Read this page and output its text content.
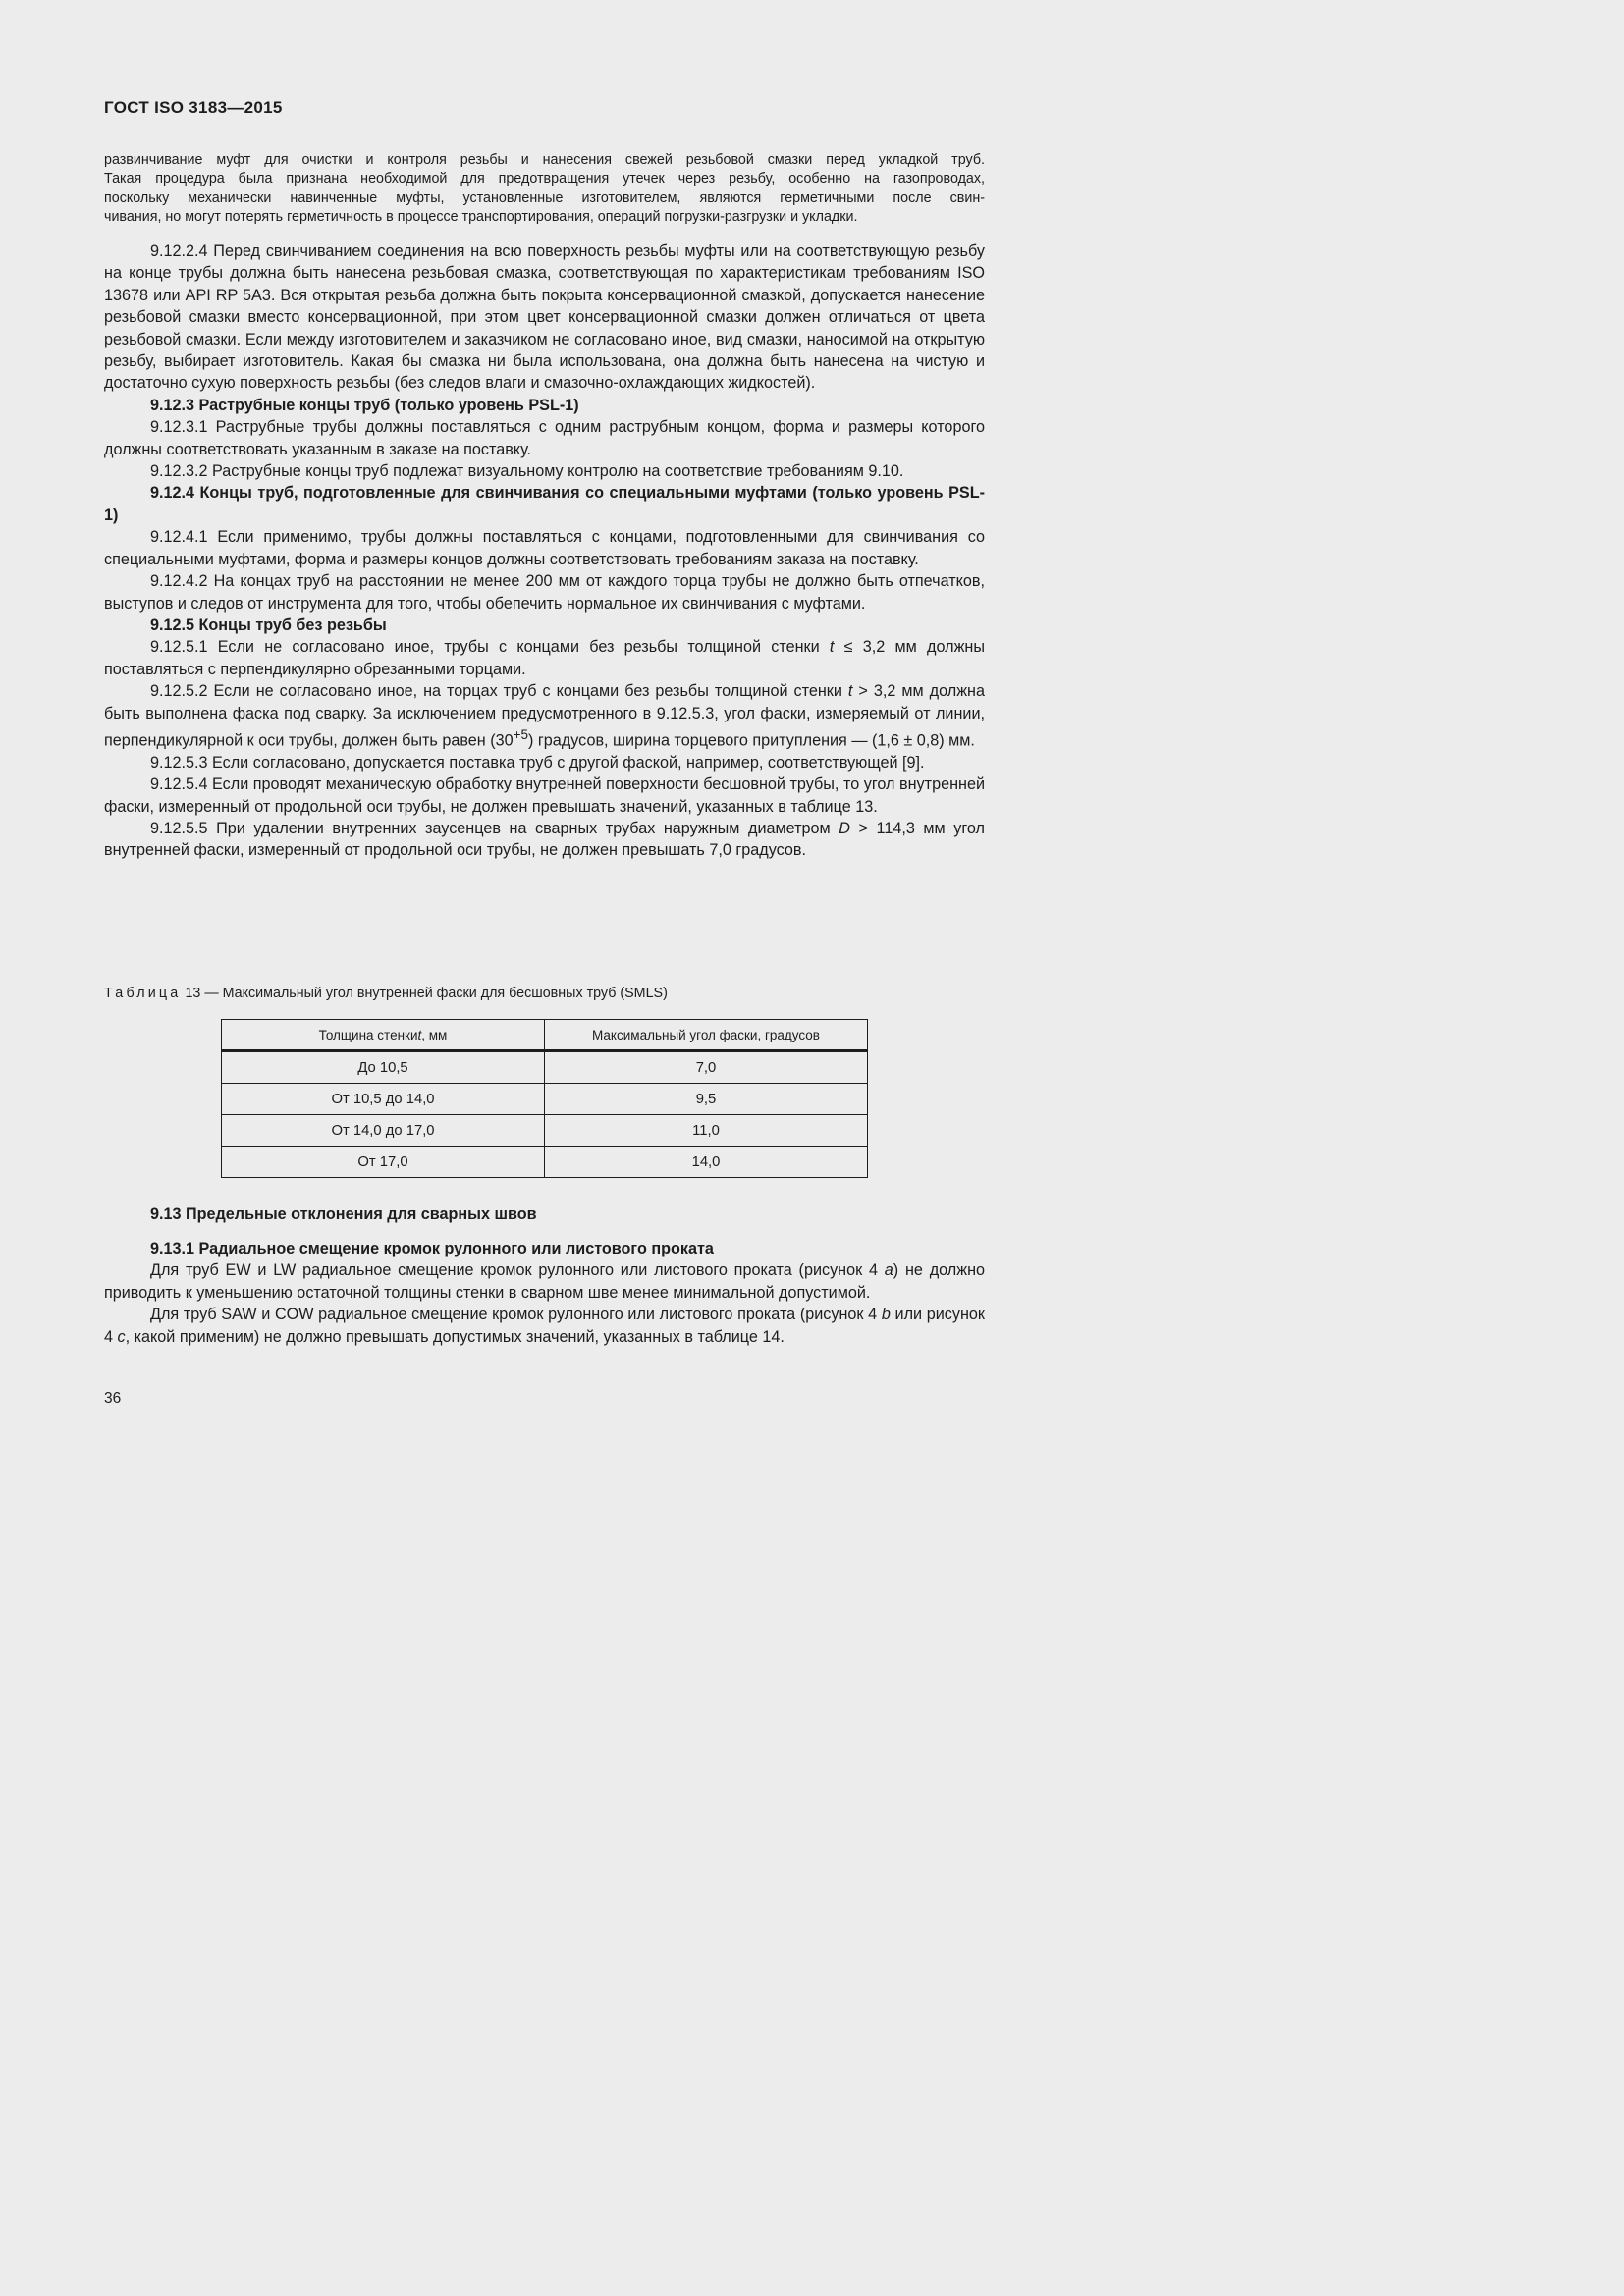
ГОСТ ISO 3183—2015

развинчивание муфт для очистки и контроля резьбы и нанесения свежей резьбовой смазки перед укладкой труб.

Такая процедура была признана необходимой для предотвращения утечек через резьбу, особенно на газопроводах,

поскольку механически навинченные муфты, установленные изготовителем, являются герметичными после свин-

чивания, но могут потерять герметичность в процессе транспортирования, операций погрузки-разгрузки и укладки.

9.12.2.4 Перед свинчиванием соединения на всю поверхность резьбы муфты или на соответствующую резьбу на конце трубы должна быть нанесена резьбовая смазка, соответствующая по характеристикам требованиям ISO 13678 или API RP 5A3. Вся открытая резьба должна быть покрыта консервационной смазкой, допускается нанесение резьбовой смазки вместо консервационной, при этом цвет консервационной смазки должен отличаться от цвета резьбовой смазки. Если между изготовителем и заказчиком не согласовано иное, вид смазки, наносимой на открытую резьбу, выбирает изготовитель. Какая бы смазка ни была использована, она должна быть нанесена на чистую и достаточно сухую поверхность резьбы (без следов влаги и смазочно-охлаждающих жидкостей).

9.12.3 Раструбные концы труб (только уровень PSL-1)

9.12.3.1 Раструбные трубы должны поставляться с одним раструбным концом, форма и размеры которого должны соответствовать указанным в заказе на поставку.

9.12.3.2 Раструбные концы труб подлежат визуальному контролю на соответствие требованиям 9.10.

9.12.4 Концы труб, подготовленные для свинчивания со специальными муфтами (только уровень PSL-1)

9.12.4.1 Если применимо, трубы должны поставляться с концами, подготовленными для свинчивания со специальными муфтами, форма и размеры концов должны соответствовать требованиям заказа на поставку.

9.12.4.2 На концах труб на расстоянии не менее 200 мм от каждого торца трубы не должно быть отпечатков, выступов и следов от инструмента для того, чтобы обепечить нормальное их свинчивания с муфтами.

9.12.5 Концы труб без резьбы

9.12.5.1 Если не согласовано иное, трубы с концами без резьбы толщиной стенки t ≤ 3,2 мм должны поставляться с перпендикулярно обрезанными торцами.

9.12.5.2 Если не согласовано иное, на торцах труб с концами без резьбы толщиной стенки t > 3,2 мм должна быть выполнена фаска под сварку. За исключением предусмотренного в 9.12.5.3, угол фаски, измеряемый от линии, перпендикулярной к оси трубы, должен быть равен $(30^{+5})$ градусов, ширина торцевого притупления — (1,6 ± 0,8) мм.

9.12.5.3 Если согласовано, допускается поставка труб с другой фаской, например, соответствующей [9].

9.12.5.4 Если проводят механическую обработку внутренней поверхности бесшовной трубы, то угол внутренней фаски, измеренный от продольной оси трубы, не должен превышать значений, указанных в таблице 13.

9.12.5.5 При удалении внутренних заусенцев на сварных трубах наружным диаметром D > 114,3 мм угол внутренней фаски, измеренный от продольной оси трубы, не должен превышать 7,0 градусов.

Таблица 13 — Максимальный угол внутренней фаски для бесшовных труб (SMLS)
Толщина стенкиt, мм	Максимальный угол фаски, градусов
До 10,5	7,0
От 10,5 до 14,0	9,5
От 14,0 до 17,0	11,0
От 17,0	14,0
9.13 Предельные отклонения для сварных швов

9.13.1 Радиальное смещение кромок рулонного или листового проката

Для труб EW и LW радиальное смещение кромок рулонного или листового проката (рисунок 4 a) не должно приводить к уменьшению остаточной толщины стенки в сварном шве менее минимальной допустимой.

Для труб SAW и COW радиальное смещение кромок рулонного или листового проката (рисунок 4 b или рисунок 4 c, какой применим) не должно превышать допустимых значений, указанных в таблице 14.

36
